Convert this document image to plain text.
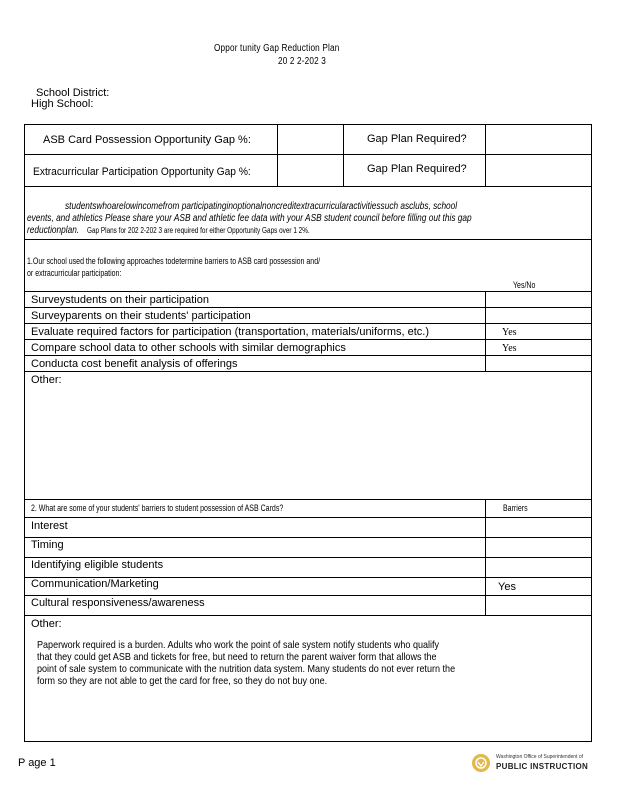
Oppor tunity Gap Reduction Plan
20 2 2-202 3
School District:
High School:
ASB Card Possession Opportunity Gap %:	Gap Plan Required?
Extracurricular Participation Opportunity Gap %:	Gap Plan Required?
studentswhoarelowincomefrom participatinginoptionalnoncreditextracurricularactivitiessuch asclubs, school
events, and athletics Please share your ASB and athletic fee data with your ASB student council before filling out this gap
reductionplan. Gap Plans for 202 2-202 3 are required for either Opportunity Gaps over 1 2%.
1.Our school used the following approaches todetermine barriers to ASB card possession and/
or extracurricular participation:
Yes/No
Surveystudents on their participation
Surveyparents on their students' participation
Evaluate required factors for participation (transportation, materials/uniforms, etc.)	Yes
Compare school data to other schools with similar demographics	Yes
Conducta cost benefit analysis of offerings
Other:
2. What are some of your students' barriers to student possession of ASB Cards?	Barriers
Interest
Timing
Identifying eligible students
Communication/Marketing	Yes
Cultural responsiveness/awareness
Other:
Paperwork required is a burden. Adults who work the point of sale system notify students who qualify
that they could get ASB and tickets for free, but need to return the parent waiver form that allows the
point of sale system to communicate with the nutrition data system. Many students do not ever return the
form so they are not able to get the card for free, so they do not buy one.
P age 1	Washington Office of Superintendent of
PUBLIC INSTRUCTION
